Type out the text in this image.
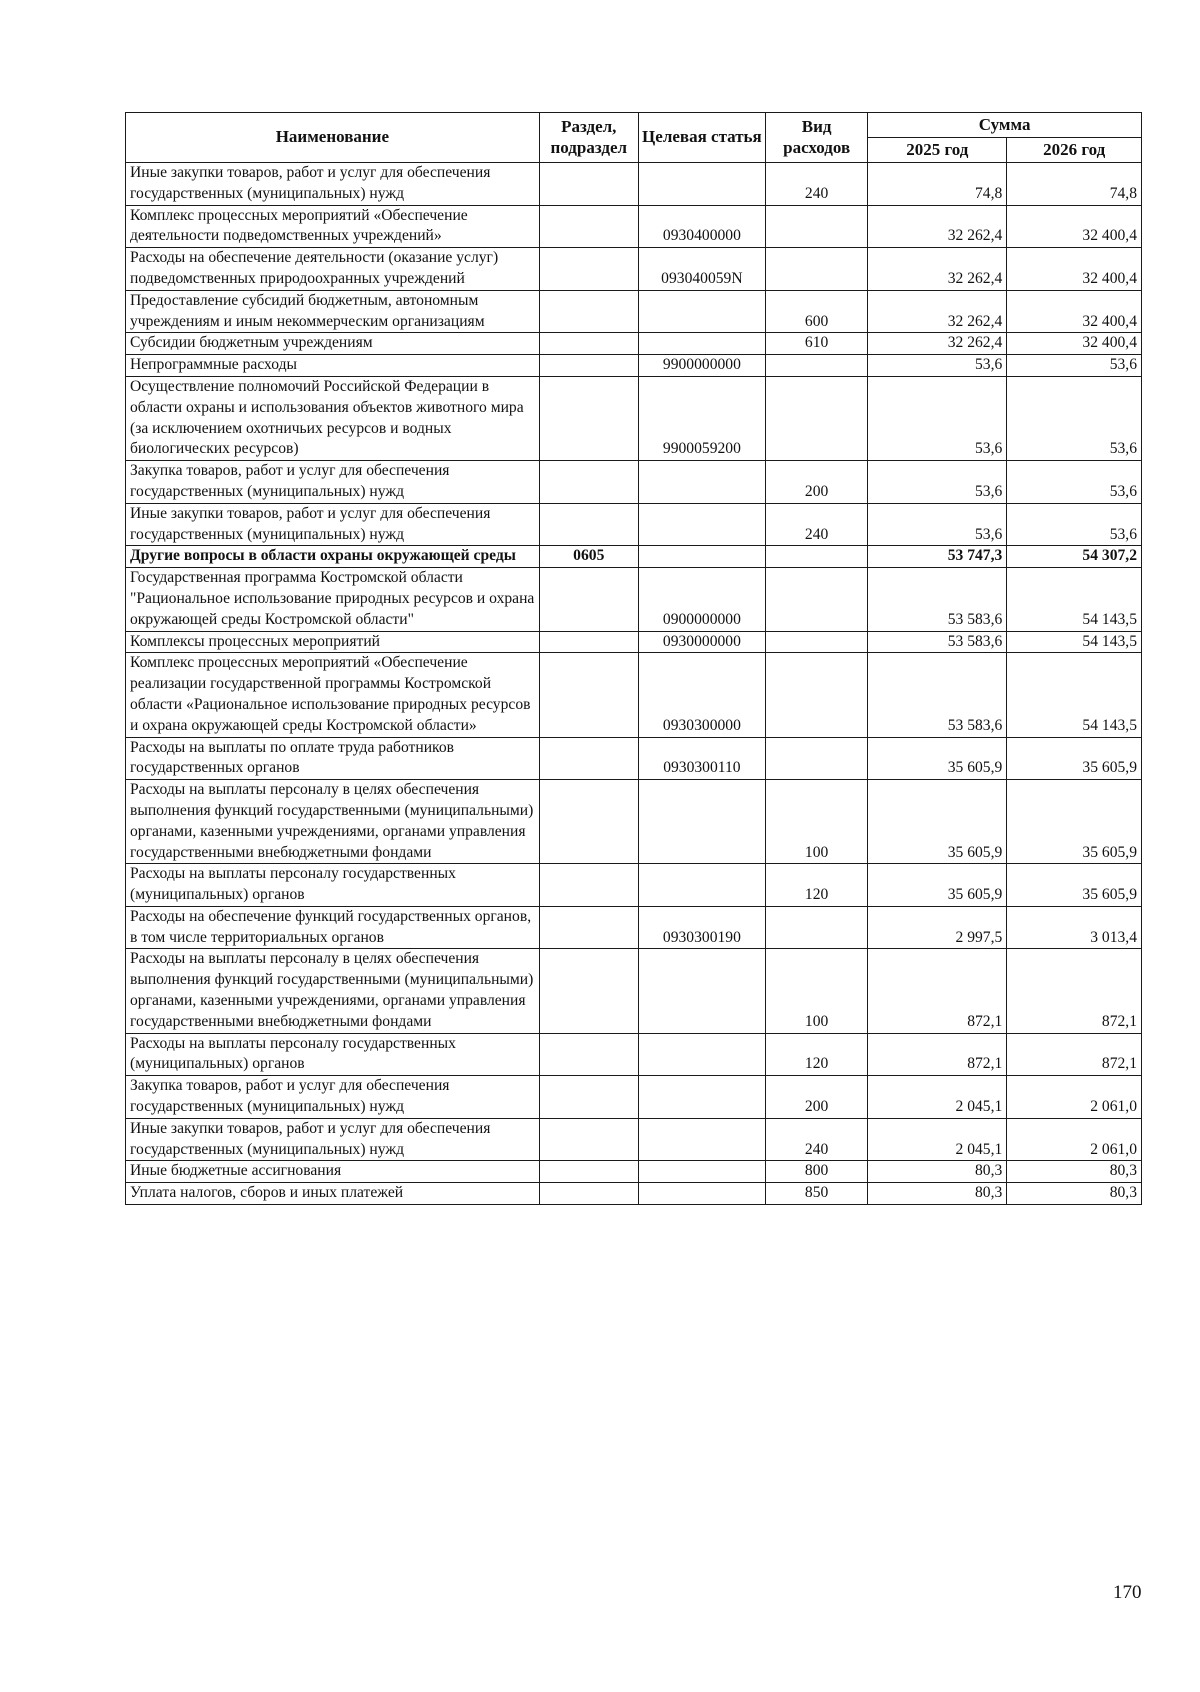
Наименование	Раздел, подраздел	Целевая статья	Вид расходов	Сумма	
				2025 год	2026 год
Иные закупки товаров, работ и услуг для обеспечения государственных (муниципальных) нужд			240	74,8	74,8
Комплекс процессных мероприятий «Обеспечение деятельности подведомственных учреждений»		0930400000		32 262,4	32 400,4
Расходы на обеспечение деятельности (оказание услуг) подведомственных природоохранных учреждений		093040059N		32 262,4	32 400,4
Предоставление субсидий бюджетным, автономным учреждениям и иным некоммерческим организациям			600	32 262,4	32 400,4
Субсидии бюджетным учреждениям			610	32 262,4	32 400,4
Непрограммные расходы		9900000000		53,6	53,6
Осуществление полномочий Российской Федерации в области охраны и использования объектов животного мира (за исключением охотничьих ресурсов и водных биологических ресурсов)		9900059200		53,6	53,6
Закупка товаров, работ и услуг для обеспечения государственных (муниципальных) нужд			200	53,6	53,6
Иные закупки товаров, работ и услуг для обеспечения государственных (муниципальных) нужд			240	53,6	53,6
Другие вопросы в области охраны окружающей среды	0605			53 747,3	54 307,2
Государственная программа Костромской области "Рациональное использование природных ресурсов и охрана окружающей среды Костромской области"		0900000000		53 583,6	54 143,5
Комплексы процессных мероприятий		0930000000		53 583,6	54 143,5
Комплекс процессных мероприятий «Обеспечение реализации государственной программы Костромской области «Рациональное использование природных ресурсов и охрана окружающей среды Костромской области»		0930300000		53 583,6	54 143,5
Расходы на выплаты по оплате труда работников государственных органов		0930300110		35 605,9	35 605,9
Расходы на выплаты персоналу в целях обеспечения выполнения функций государственными (муниципальными) органами, казенными учреждениями, органами управления государственными внебюджетными фондами			100	35 605,9	35 605,9
Расходы на выплаты персоналу государственных (муниципальных) органов			120	35 605,9	35 605,9
Расходы на обеспечение функций государственных органов, в том числе территориальных органов		0930300190		2 997,5	3 013,4
Расходы на выплаты персоналу в целях обеспечения выполнения функций государственными (муниципальными) органами, казенными учреждениями, органами управления государственными внебюджетными фондами			100	872,1	872,1
Расходы на выплаты персоналу государственных (муниципальных) органов			120	872,1	872,1
Закупка товаров, работ и услуг для обеспечения государственных (муниципальных) нужд			200	2 045,1	2 061,0
Иные закупки товаров, работ и услуг для обеспечения государственных (муниципальных) нужд			240	2 045,1	2 061,0
Иные бюджетные ассигнования			800	80,3	80,3
Уплата налогов, сборов и иных платежей			850	80,3	80,3
170
